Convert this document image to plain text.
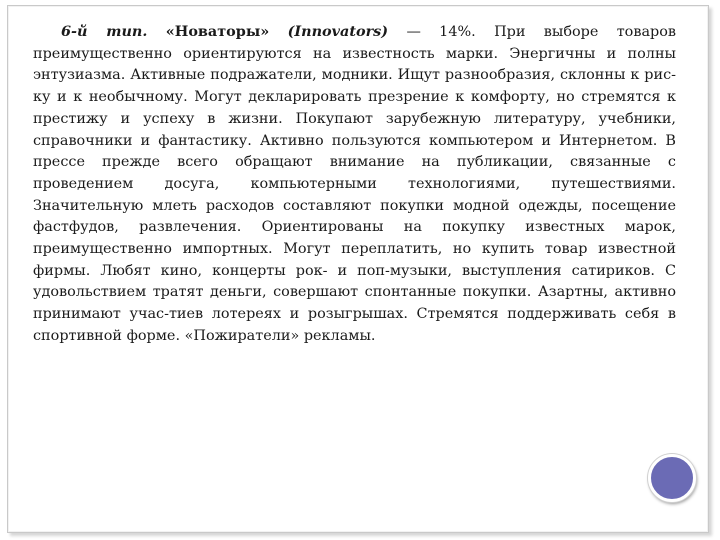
6-й тип. «Новаторы» (Innovators) — 14%. При выборе товаров преимущественно ориентируются на известность марки. Энергичны и полны энтузиазма. Активные подражатели, модники. Ищут разнообразия, склонны к рис-ку и к необычному. Могут декларировать презрение к комфорту, но стремятся к престижу и успеху в жизни. Покупают зарубежную литературу, учебники, справочники и фантастику. Активно пользуются компьютером и Интернетом. В прессе прежде всего обращают внимание на публикации, связанные с проведением досуга, компьютерными технологиями, путешествиями. Значительную млеть расходов составляют покупки модной одежды, посещение фастфудов, развлечения. Ориентированы на покупку известных марок, преимущественно импортных. Могут переплатить, но купить товар известной фирмы. Любят кино, концерты рок- и поп-музыки, выступления сатириков. С удовольствием тратят деньги, совершают спонтанные покупки. Азартны, активно принимают учас-тиев лотереях и розыгрышах. Стремятся поддерживать себя в спортивной форме. «Пожиратели» рекламы.
